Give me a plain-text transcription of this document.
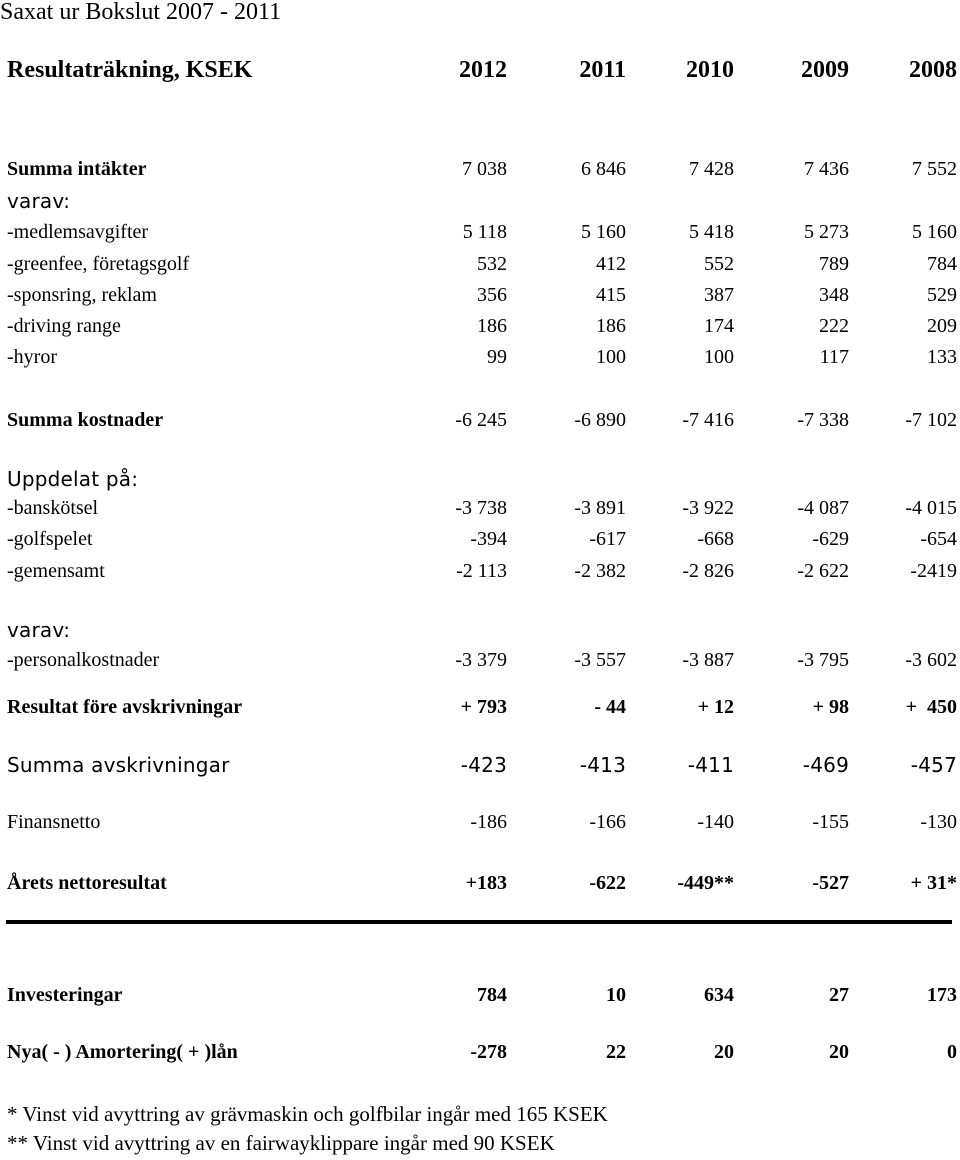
Saxat ur Bokslut 2007 - 2011
Resultaträkning, KSEK	2012	2011	2010	2009	2008
Summa intäkter	7 038	6 846	7 428	7 436	7 552
varav:
-medlemsavgifter	5 118	5 160	5 418	5 273	5 160
-greenfee, företagsgolf	532	412	552	789	784
-sponsring, reklam	356	415	387	348	529
-driving range	186	186	174	222	209
-hyror	99	100	100	117	133
Summa kostnader	-6 245	-6 890	-7 416	-7 338	-7 102
Uppdelat på:
-banskötsel	-3 738	-3 891	-3 922	-4 087	-4 015
-golfspelet	-394	-617	-668	-629	-654
-gemensamt	-2 113	-2 382	-2 826	-2 622	-2419
varav:
-personalkostnader	-3 379	-3 557	-3 887	-3 795	-3 602
Resultat före avskrivningar	+ 793	- 44	+ 12	+ 98	+  450
Summa avskrivningar	-423	-413	-411	-469	-457
Finansnetto	-186	-166	-140	-155	-130
Årets nettoresultat	+183	-622	-449**	-527	+ 31*
Investeringar	784	10	634	27	173
Nya( - ) Amortering( + )lån	-278	22	20	20	0
* Vinst vid avyttring av grävmaskin och golfbilar ingår med 165 KSEK
** Vinst vid avyttring av en fairwayklippare ingår med 90 KSEK
